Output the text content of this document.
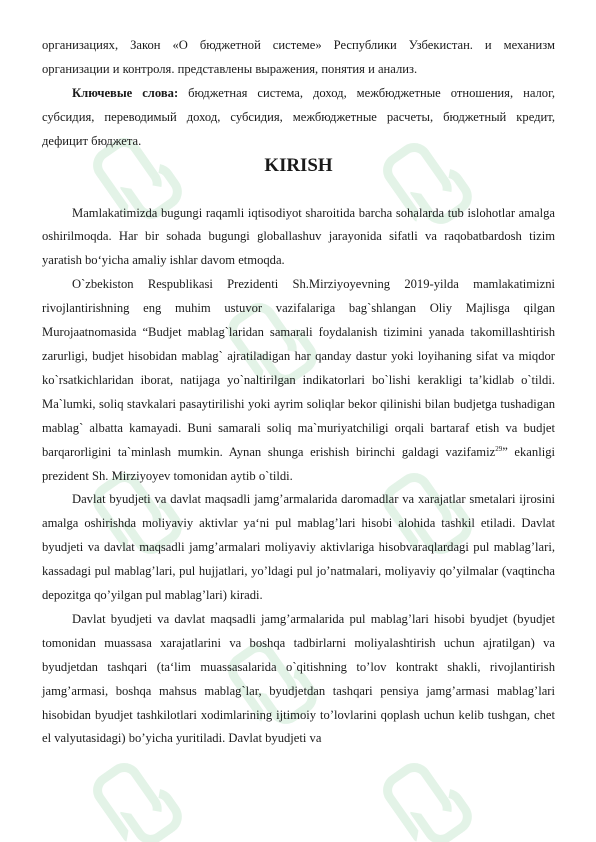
организациях, Закон «О бюджетной системе» Республики Узбекистан. и механизм организации и контроля. представлены выражения, понятия и анализ.

Ключевые слова: бюджетная система, доход, межбюджетные отношения, налог, субсидия, переводимый доход, субсидия, межбюджетные расчеты, бюджетный кредит, дефицит бюджета.

KIRISH

Mamlakatimizda bugungi raqamli iqtisodiyot sharoitida barcha sohalarda tub islohotlar amalga oshirilmoqda. Har bir sohada bugungi globallashuv jarayonida sifatli va raqobatbardosh tizim yaratish bo‘yicha amaliy ishlar davom etmoqda.

O`zbekiston Respublikasi Prezidenti Sh.Mirziyoyevning 2019-yilda mamlakatimizni rivojlantirishning eng muhim ustuvor vazifalariga bag`shlangan Oliy Majlisga qilgan Murojaatnomasida “Budjet mablag`laridan samarali foydalanish tizimini yanada takomillashtirish zarurligi, budjet hisobidan mablag` ajratiladigan har qanday dastur yoki loyihaning sifat va miqdor ko`rsatkichlaridan iborat, natijaga yo`naltirilgan indikatorlari bo`lishi kerakligi ta’kidlab o`tildi. Ma`lumki, soliq stavkalari pasaytirilishi yoki ayrim soliqlar bekor qilinishi bilan budjetga tushadigan mablag` albatta kamayadi. Buni samarali soliq ma`muriyatchiligi orqali bartaraf etish va budjet barqarorligini ta`minlash mumkin. Aynan shunga erishish birinchi galdagi vazifamiz$^{29}$” ekanligi prezident Sh. Mirziyoyev tomonidan aytib o`tildi.

Davlat byudjeti va davlat maqsadli jamg’armalarida daromadlar va xarajatlar smetalari ijrosini amalga oshirishda moliyaviy aktivlar ya‘ni pul mablag’lari hisobi alohida tashkil etiladi. Davlat byudjeti va davlat maqsadli jamg’armalari moliyaviy aktivlariga hisobvaraqlardagi pul mablag’lari, kassadagi pul mablag’lari, pul hujjatlari, yo’ldagi pul jo’natmalari, moliyaviy qo’yilmalar (vaqtincha depozitga qo’yilgan pul mablag’lari) kiradi.

Davlat byudjeti va davlat maqsadli jamg’armalarida pul mablag’lari hisobi byudjet (byudjet tomonidan muassasa xarajatlarini va boshqa tadbirlarni moliyalashtirish uchun ajratilgan) va byudjetdan tashqari (ta‘lim muassasalarida o`qitishning to’lov kontrakt shakli, rivojlantirish jamg’armasi, boshqa mahsus mablag`lar, byudjetdan tashqari pensiya jamg’armasi mablag’lari hisobidan byudjet tashkilotlari xodimlarining ijtimoiy to’lovlarini qoplash uchun kelib tushgan, chet el valyutasidagi) bo’yicha yuritiladi. Davlat byudjeti va
